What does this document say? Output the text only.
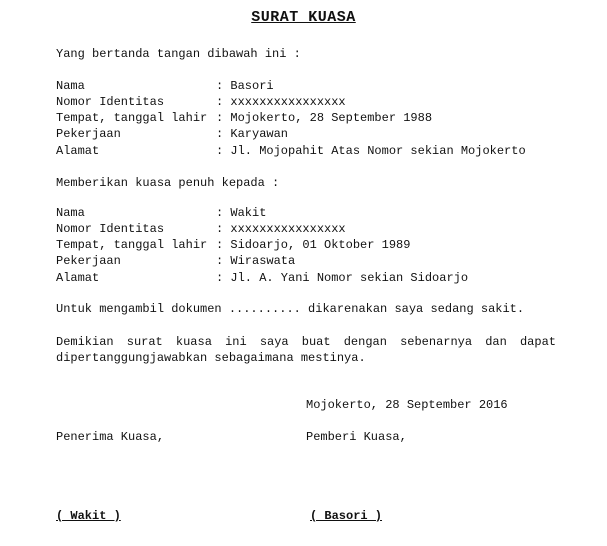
SURAT KUASA
Yang bertanda tangan dibawah ini :
Nama	: Basori
Nomor Identitas	: xxxxxxxxxxxxxxxx
Tempat, tanggal lahir : Mojokerto, 28 September 1988
Pekerjaan	: Karyawan
Alamat	: Jl. Mojopahit Atas Nomor sekian Mojokerto
Memberikan kuasa penuh kepada :
Nama	: Wakit
Nomor Identitas	: xxxxxxxxxxxxxxxx
Tempat, tanggal lahir : Sidoarjo, 01 Oktober 1989
Pekerjaan	: Wiraswata
Alamat	: Jl. A. Yani Nomor sekian Sidoarjo
Untuk mengambil dokumen .......... dikarenakan saya sedang sakit.
Demikian surat kuasa ini saya buat dengan sebenarnya dan dapat dipertanggungjawabkan sebagaimana mestinya.
Mojokerto, 28 September 2016
Penerima Kuasa,	Pemberi Kuasa,
( Wakit )	( Basori )
